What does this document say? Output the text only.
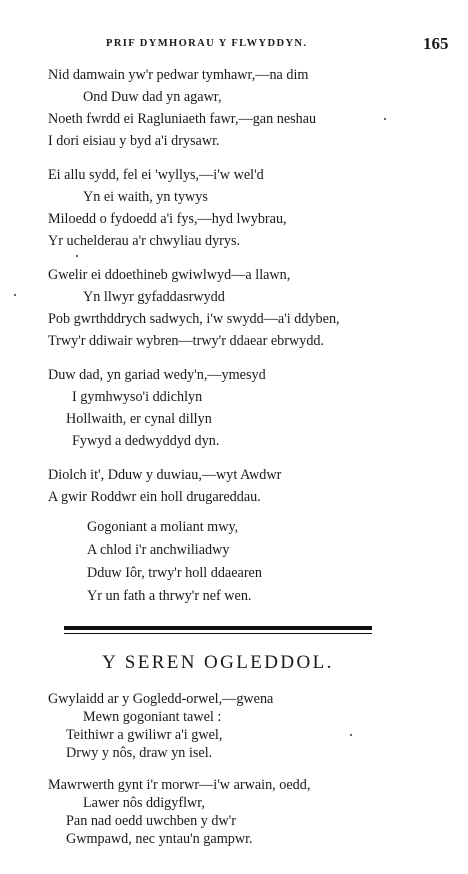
PRIF DYMHORAU Y FLWYDDYN.	165
Nid damwain yw'r pedwar tymhawr,—na dim
Ond Duw dad yn agawr,
Noeth fwrdd ei Ragluniaeth fawr,—gan neshau
I dori eisiau y byd a'i drysawr.
Ei allu sydd, fel ei 'wyllys,—i'w wel'd
Yn ei waith, yn tywys
Miloedd o fydoedd a'i fys,—hyd lwybrau,
Yr uchelderau a'r chwyliau dyrys.
Gwelir ei ddoethineb gwiwlwyd—a llawn,
Yn llwyr gyfaddasrwydd
Pob gwrthddrych sadwych, i'w swydd—a'i ddyben,
Trwy'r ddiwair wybren—trwy'r ddaear ebrwydd.
Duw dad, yn gariad wedy'n,—ymesyd
I gymhwyso'i ddichlyn
Hollwaith, er cynal dillyn
Fywyd a dedwyddyd dyn.
Diolch it', Dduw y duwiau,—wyt Awdwr
A gwir Roddwr ein holl drugareddau.
Gogoniant a moliant mwy,
A chlod i'r anchwiliadwy
Dduw Iôr, trwy'r holl ddaearen
Yr un fath a thrwy'r nef wen.
Y SEREN OGLEDDOL.
Gwylaidd ar y Gogledd-orwel,—gwena
Mewn gogoniant tawel :
Teithiwr a gwiliwr a'i gwel,
Drwy y nôs, draw yn isel.
Mawrwerth gynt i'r morwr—i'w arwain, oedd,
Lawer nôs ddigyflwr,
Pan nad oedd uwchben y dw'r
Gwmpawd, nec yntau'n gampwr.
